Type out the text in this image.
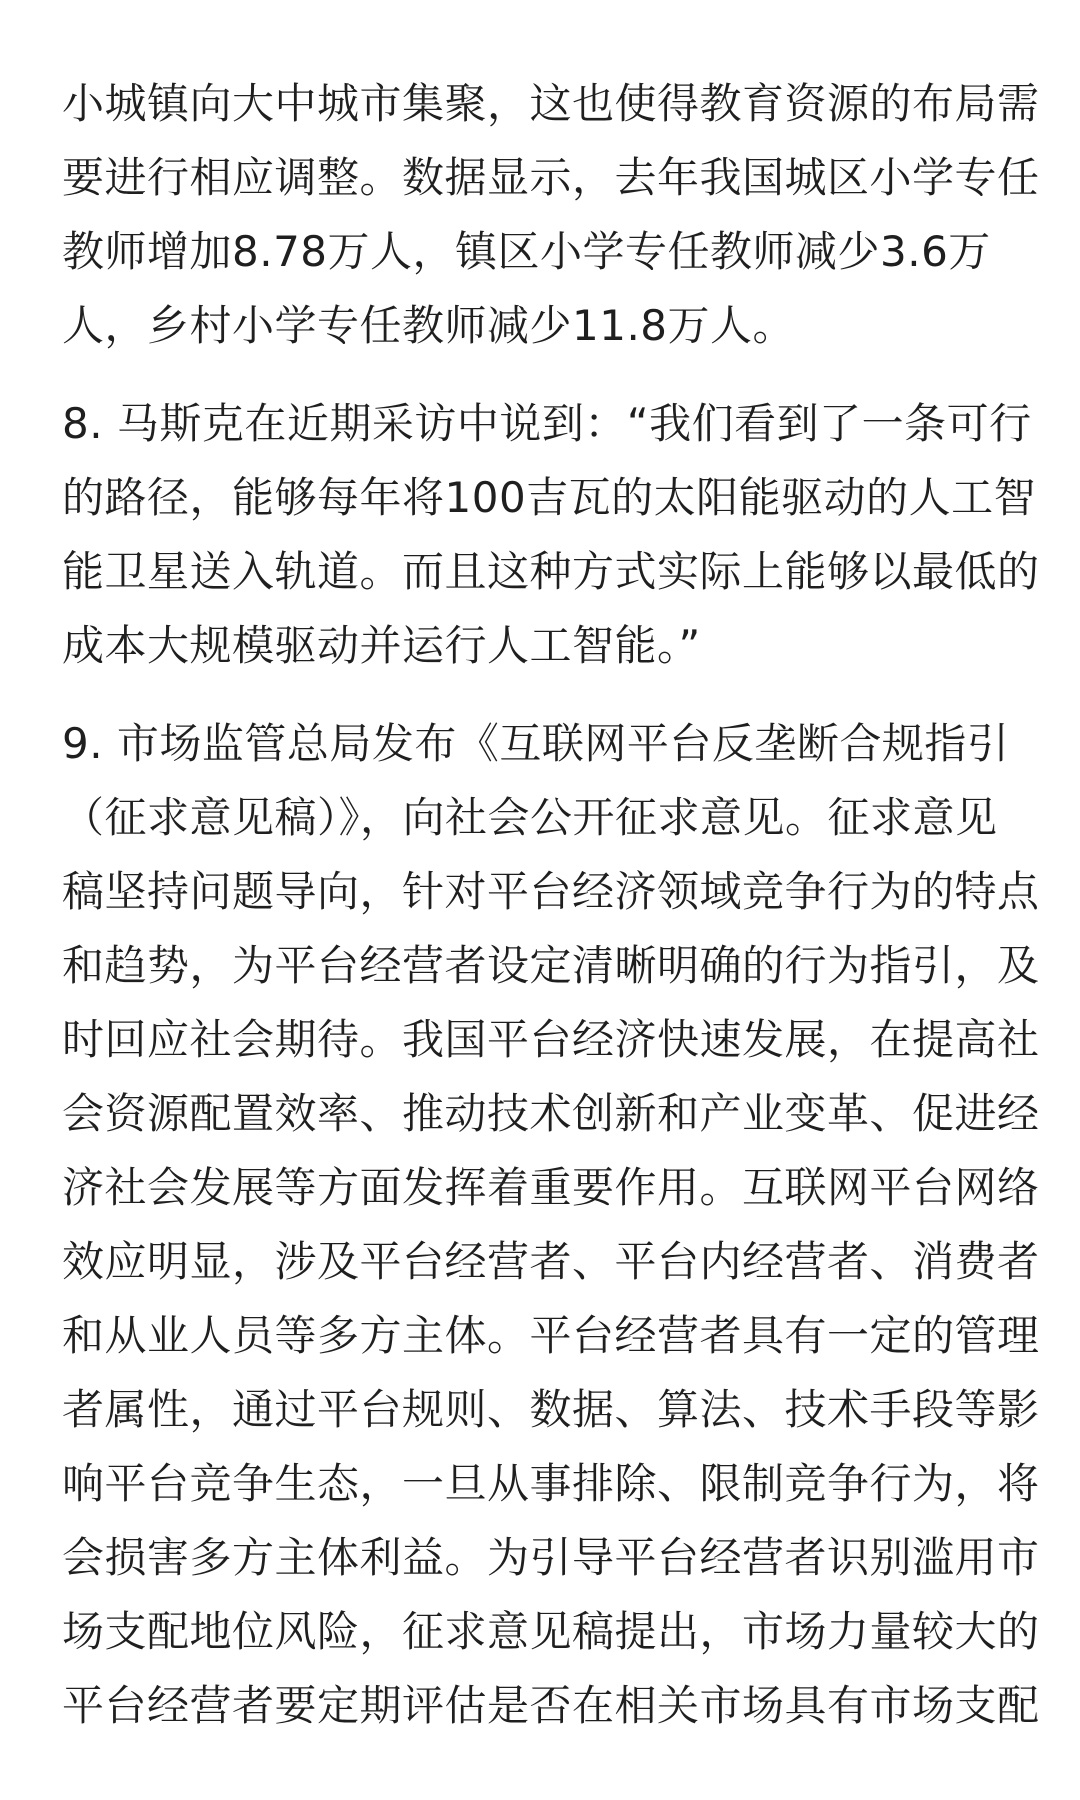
小城镇向大中城市集聚，这也使得教育资源的布局需
要进行相应调整。数据显示，去年我国城区小学专任
教师增加8.78万人，镇区小学专任教师减少3.6万
人，乡村小学专任教师减少11.8万人。
8. 马斯克在近期采访中说到：“我们看到了一条可行
的路径，能够每年将100吉瓦的太阳能驱动的人工智
能卫星送入轨道。而且这种方式实际上能够以最低的
成本大规模驱动并运行人工智能。”
9. 市场监管总局发布《互联网平台反垄断合规指引
（征求意见稿）》，向社会公开征求意见。征求意见
稿坚持问题导向，针对平台经济领域竞争行为的特点
和趋势，为平台经营者设定清晰明确的行为指引，及
时回应社会期待。我国平台经济快速发展，在提高社
会资源配置效率、推动技术创新和产业变革、促进经
济社会发展等方面发挥着重要作用。互联网平台网络
效应明显，涉及平台经营者、平台内经营者、消费者
和从业人员等多方主体。平台经营者具有一定的管理
者属性，通过平台规则、数据、算法、技术手段等影
响平台竞争生态，一旦从事排除、限制竞争行为，将
会损害多方主体利益。为引导平台经营者识别滥用市
场支配地位风险，征求意见稿提出，市场力量较大的
平台经营者要定期评估是否在相关市场具有市场支配
